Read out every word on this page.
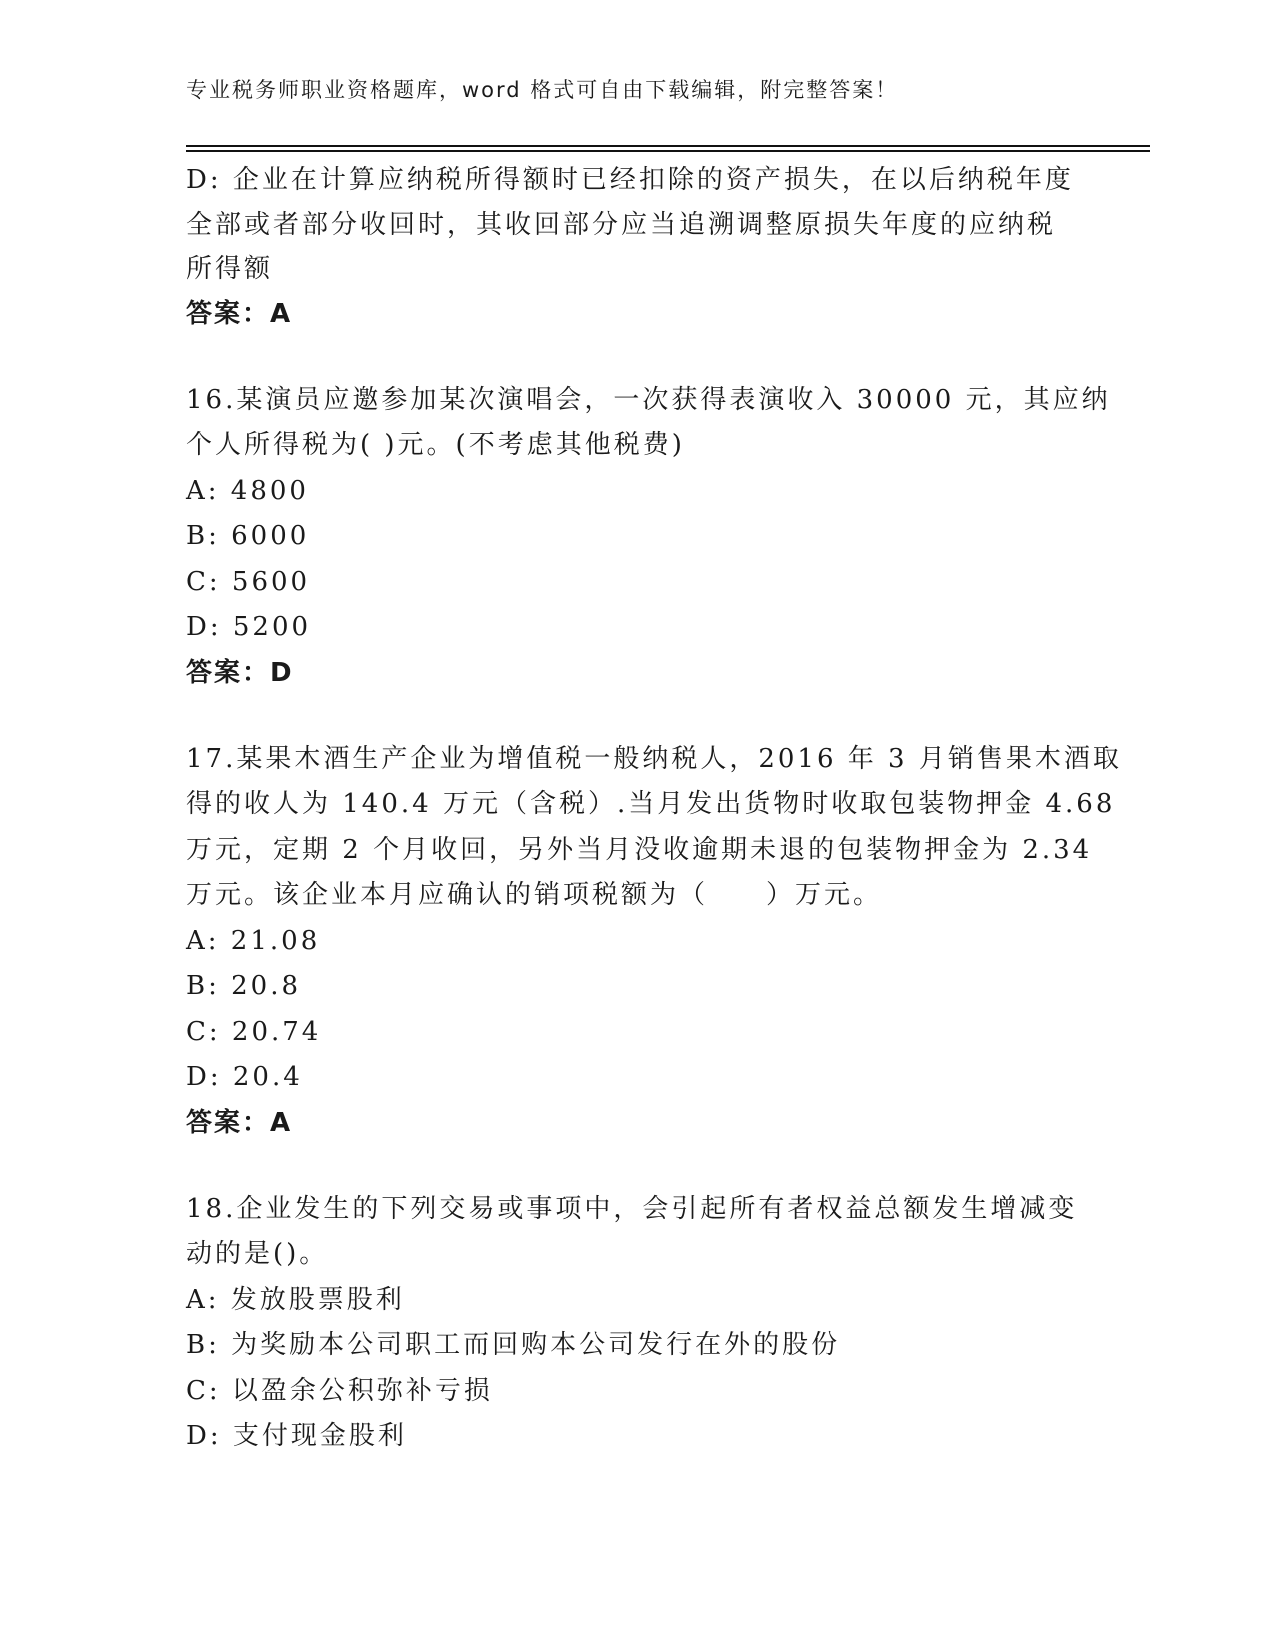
专业税务师职业资格题库，word 格式可自由下载编辑，附完整答案！
D: 企业在计算应纳税所得额时已经扣除的资产损失，在以后纳税年度
全部或者部分收回时，其收回部分应当追溯调整原损失年度的应纳税
所得额
答案：A
16.某演员应邀参加某次演唱会，一次获得表演收入 30000 元，其应纳
个人所得税为( )元。(不考虑其他税费)
A: 4800
B: 6000
C: 5600
D: 5200
答案：D
17.某果木酒生产企业为增值税一般纳税人，2016 年 3 月销售果木酒取
得的收人为 140.4 万元（含税）.当月发出货物时收取包装物押金 4.68
万元，定期 2 个月收回，另外当月没收逾期未退的包装物押金为 2.34
万元。该企业本月应确认的销项税额为（　　）万元。
A: 21.08
B: 20.8
C: 20.74
D: 20.4
答案：A
18.企业发生的下列交易或事项中，会引起所有者权益总额发生增减变
动的是()。
A: 发放股票股利
B: 为奖励本公司职工而回购本公司发行在外的股份
C: 以盈余公积弥补亏损
D: 支付现金股利
